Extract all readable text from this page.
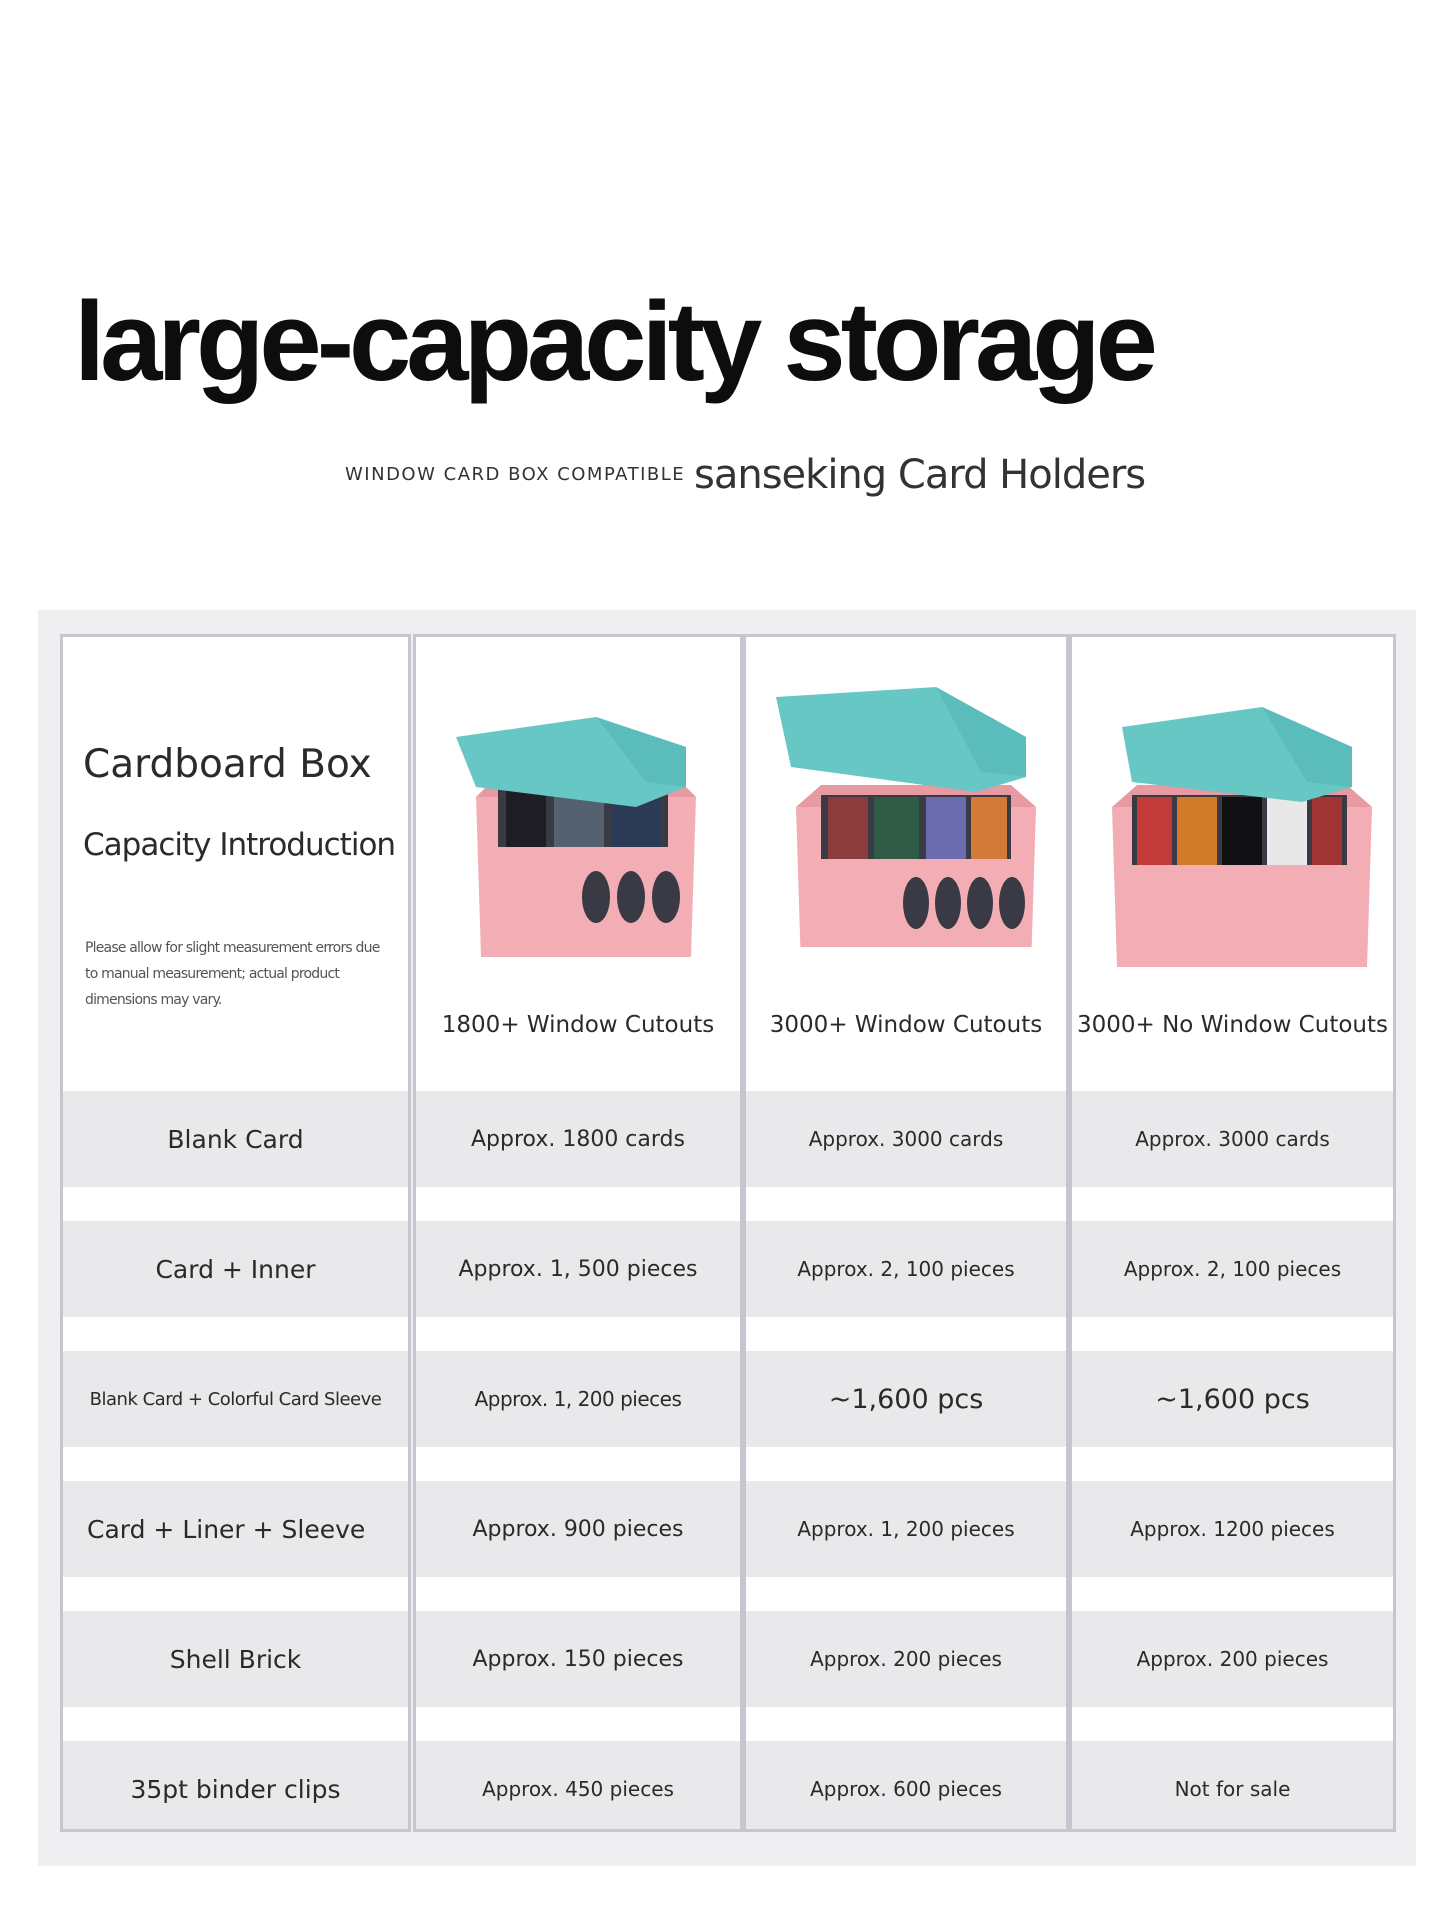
large-capacity storage
WINDOW CARD BOX COMPATIBLE sanseking Card Holders
Cardboard Box
Capacity Introduction
Please allow for slight measurement errors due to manual measurement; actual product dimensions may vary.
Blank Card
Card + Inner
Blank Card + Colorful Card Sleeve
Card + Liner + Sleeve
Shell Brick
35pt binder clips
1800+ Window Cutouts
Approx. 1800 cards
Approx. 1, 500 pieces
Approx. 1, 200 pieces
Approx. 900 pieces
Approx. 150 pieces
Approx. 450 pieces
3000+ Window Cutouts
Approx. 3000 cards
Approx. 2, 100 pieces
~1,600 pcs
Approx. 1, 200 pieces
Approx. 200 pieces
Approx. 600 pieces
3000+ No Window Cutouts
Approx. 3000 cards
Approx. 2, 100 pieces
~1,600 pcs
Approx. 1200 pieces
Approx. 200 pieces
Not for sale
